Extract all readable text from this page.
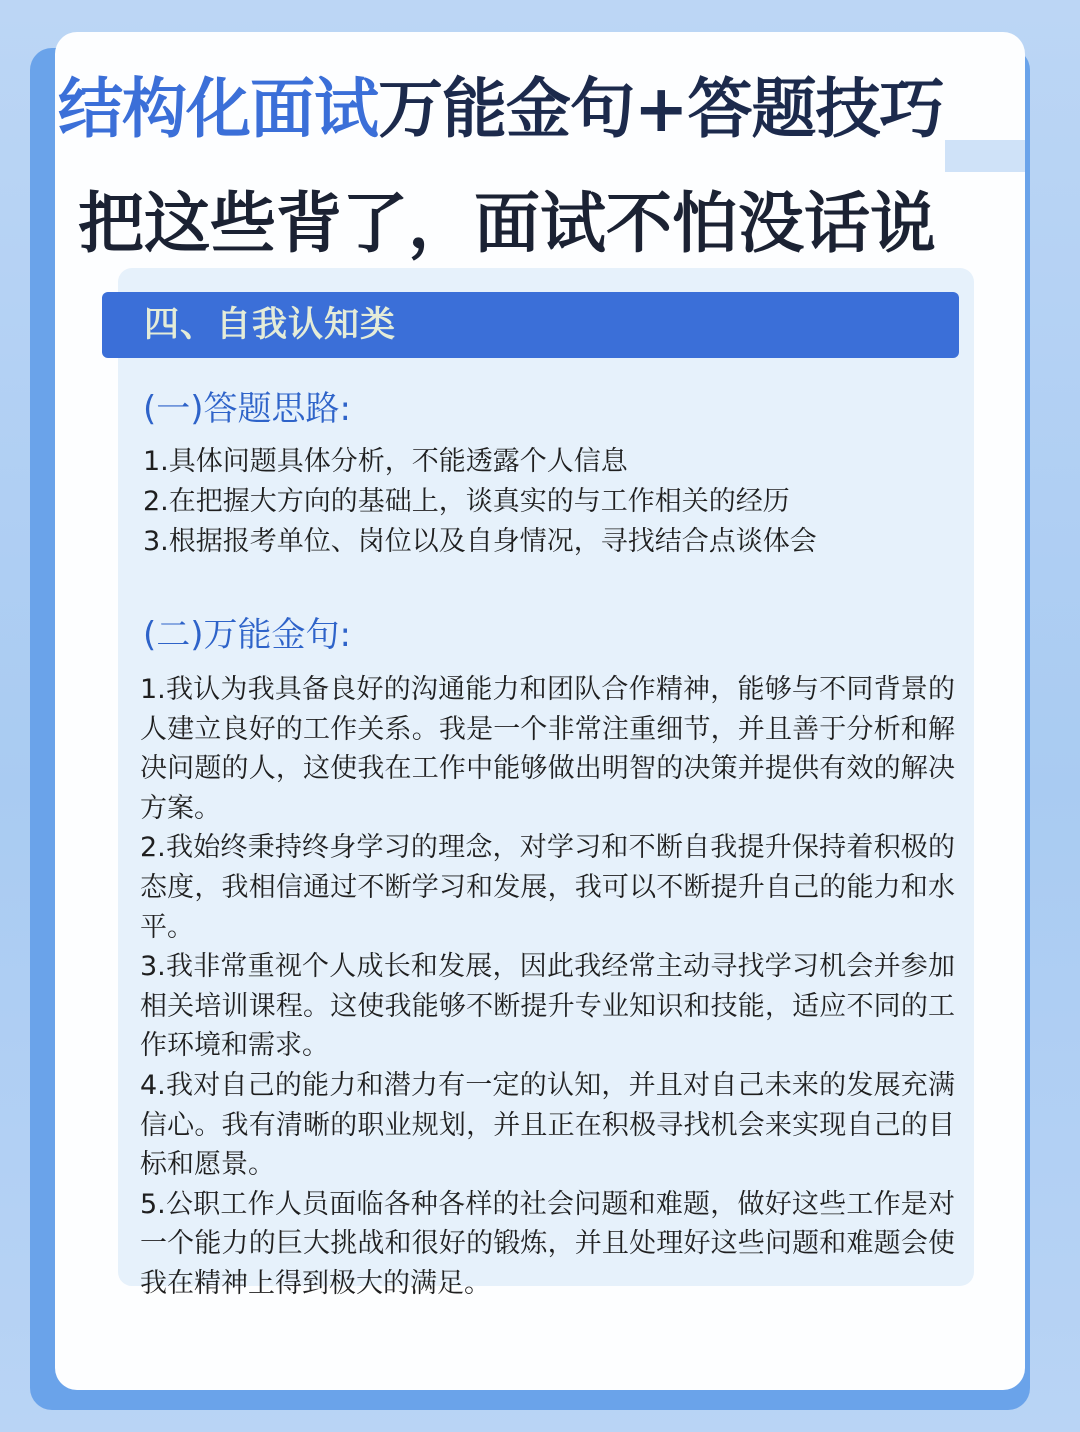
结构化面试万能金句+答题技巧
把这些背了，面试不怕没话说
四、自我认知类
(一)答题思路:
1.具体问题具体分析，不能透露个人信息
2.在把握大方向的基础上，谈真实的与工作相关的经历
3.根据报考单位、岗位以及自身情况，寻找结合点谈体会
(二)万能金句:

1.我认为我具备良好的沟通能力和团队合作精神，能够与不同背景的人建立良好的工作关系。我是一个非常注重细节，并且善于分析和解决问题的人，这使我在工作中能够做出明智的决策并提供有效的解决方案。

2.我始终秉持终身学习的理念，对学习和不断自我提升保持着积极的态度，我相信通过不断学习和发展，我可以不断提升自己的能力和水平。

3.我非常重视个人成长和发展，因此我经常主动寻找学习机会并参加相关培训课程。这使我能够不断提升专业知识和技能，适应不同的工作环境和需求。

4.我对自己的能力和潜力有一定的认知，并且对自己未来的发展充满信心。我有清晰的职业规划，并且正在积极寻找机会来实现自己的目标和愿景。

5.公职工作人员面临各种各样的社会问题和难题，做好这些工作是对一个能力的巨大挑战和很好的锻炼，并且处理好这些问题和难题会使我在精神上得到极大的满足。
